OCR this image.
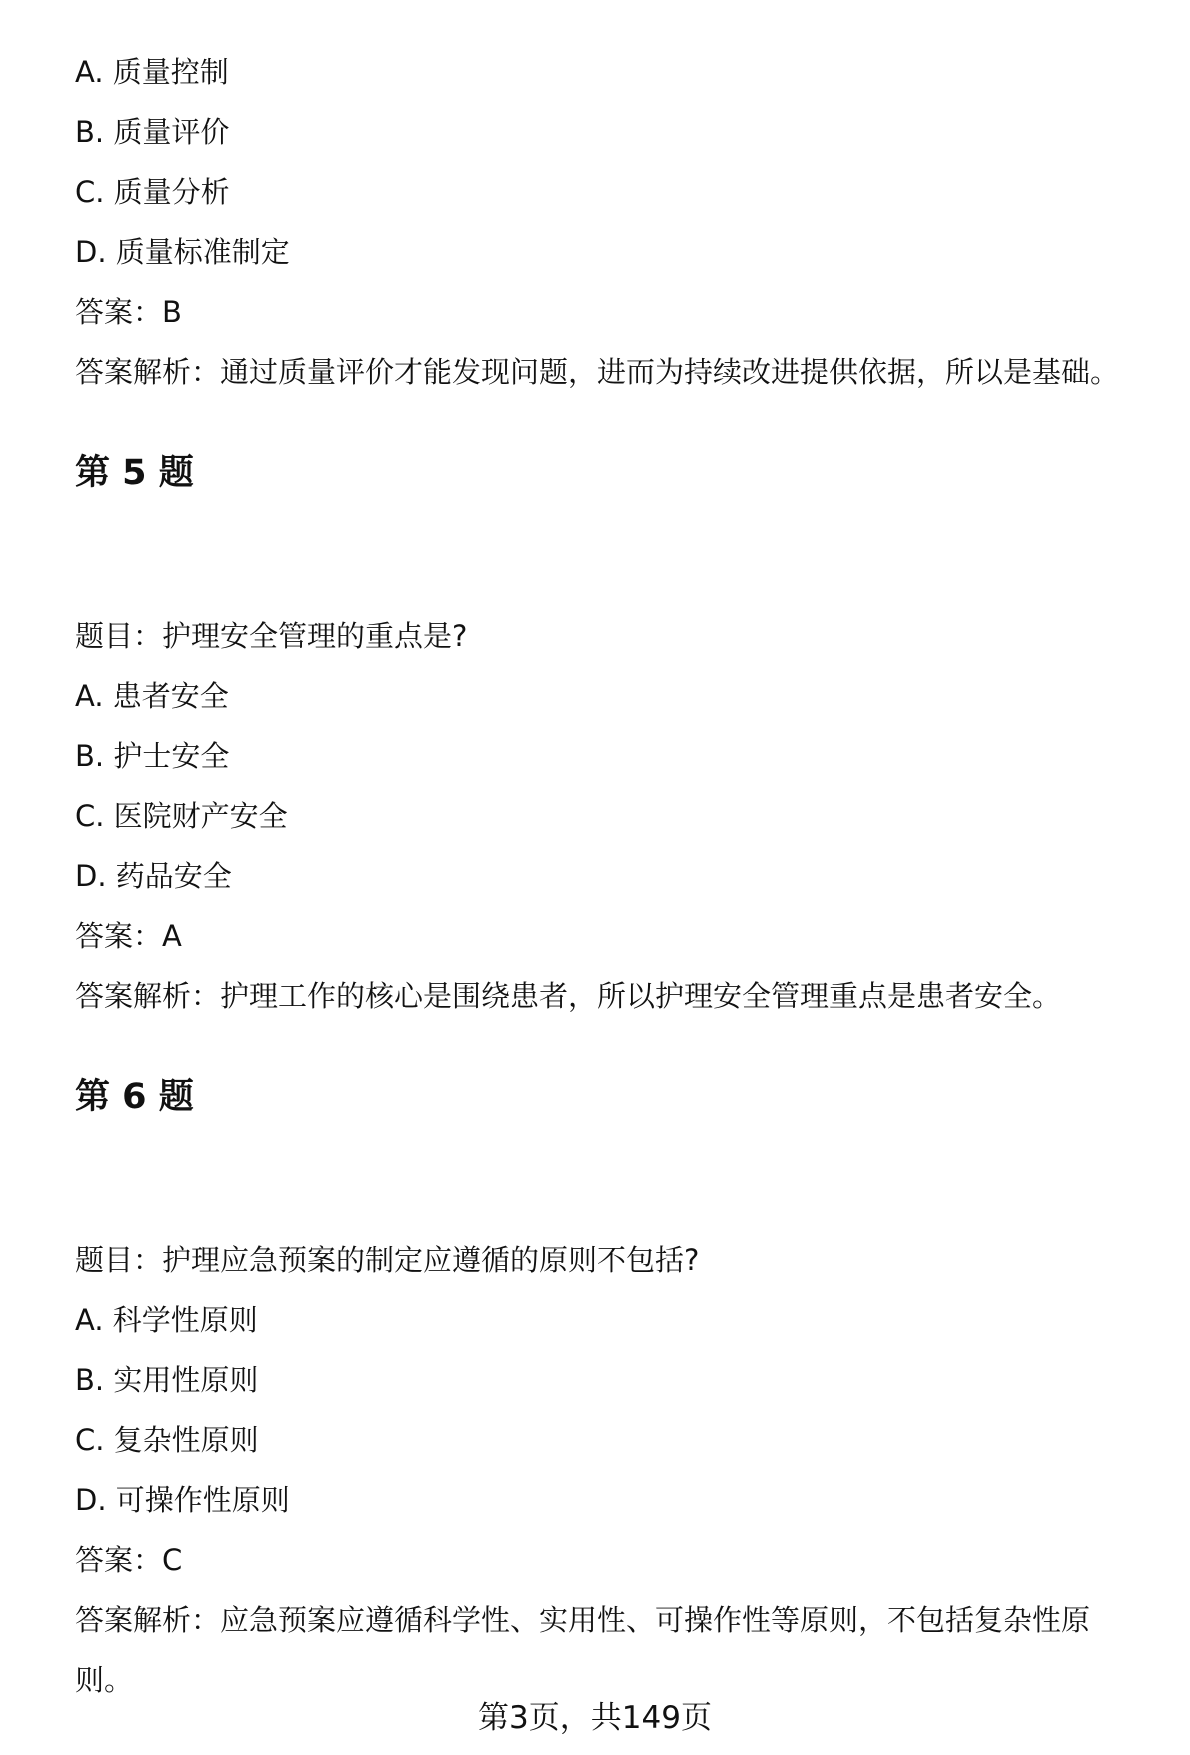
A. 质量控制
B. 质量评价
C. 质量分析
D. 质量标准制定
答案：B
答案解析：通过质量评价才能发现问题，进而为持续改进提供依据，所以是基础。
第 5 题
题目：护理安全管理的重点是?
A. 患者安全
B. 护士安全
C. 医院财产安全
D. 药品安全
答案：A
答案解析：护理工作的核心是围绕患者，所以护理安全管理重点是患者安全。
第 6 题
题目：护理应急预案的制定应遵循的原则不包括?
A. 科学性原则
B. 实用性原则
C. 复杂性原则
D. 可操作性原则
答案：C
答案解析：应急预案应遵循科学性、实用性、可操作性等原则，不包括复杂性原则。
第3页，共149页
